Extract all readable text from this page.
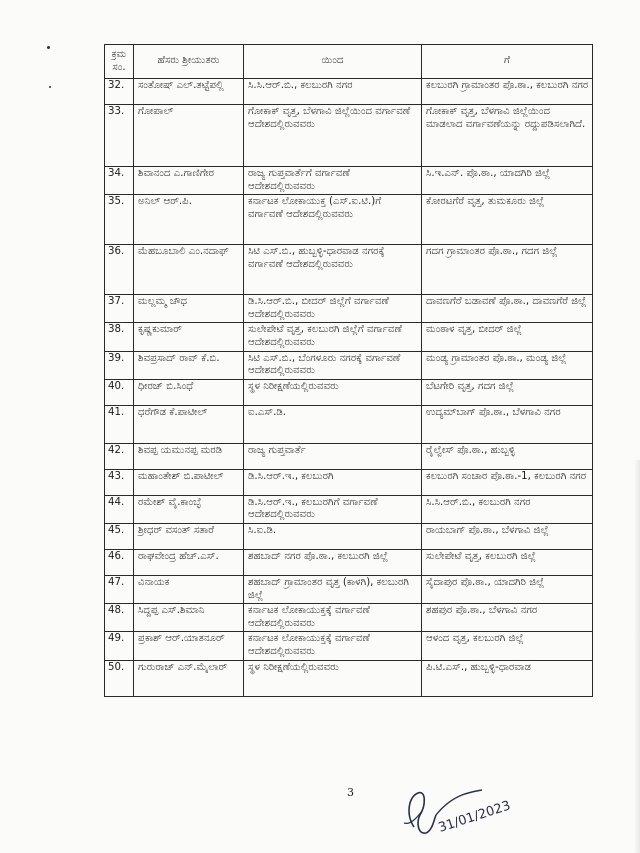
ಕ್ರಮ ಸಂ.	ಹೆಸರು ಶ್ರೀಯುತರು	ಯಿಂದ	ಗೆ
32.	ಸಂತೋಷ್ ಎಲ್.ತಟ್ಟೆಪಲ್ಲಿ	ಸಿ.ಸಿ.ಆರ್.ಬಿ., ಕಲಬುರಗಿ ನಗರ	ಕಲಬುರಗಿ ಗ್ರಾಮಾಂತರ ಪೊ.ಠಾ., ಕಲಬುರಗಿ ನಗರ
33.	ಗೋಪಾಲ್	ಗೋಕಾಕ್ ವೃತ್ತ, ಬೆಳಗಾವಿ ಜಿಲ್ಲೆಯಿಂದ ವರ್ಗಾವಣೆ ಆದೇಶದಲ್ಲಿರುವವರು	ಗೋಕಾಕ್ ವೃತ್ತ, ಬೆಳಗಾವಿ ಜಿಲ್ಲೆಯಿಂದ ಮಾಡಲಾದ ವರ್ಗಾವಣೆಯನ್ನು ರದ್ದುಪಡಿಸಲಾಗಿದೆ.
34.	ಶಿವಾನಂದ ಎ.ಗಾಣಿಗೇರ	ರಾಜ್ಯ ಗುಪ್ತವಾರ್ತೆಗೆ ವರ್ಗಾವಣೆ ಆದೇಶದಲ್ಲಿರುವವರು	ಸಿ.ಇ.ಎನ್. ಪೊ.ಠಾ., ಯಾದಗಿರಿ ಜಿಲ್ಲೆ
35.	ಅನಿಲ್ ಆರ್.ಪಿ.	ಕರ್ನಾಟಕ ಲೋಕಾಯುಕ್ತ (ಎಸ್.ಐ.ಟಿ.)ಗೆ ವರ್ಗಾವಣೆ ಆದೇಶದಲ್ಲಿರುವವರು	ಕೋರಟಗೆರೆ ವೃತ್ತ, ತುಮಕೂರು ಜಿಲ್ಲೆ
36.	ಮೆಹಬೂಬಾಲಿ ಎಂ.ನದಾಫ್	ಸಿಟಿ ಎಸ್.ಬಿ., ಹುಬ್ಬಳ್ಳಿ-ಧಾರವಾಡ ನಗರಕ್ಕೆ ವರ್ಗಾವಣೆ ಆದೇಶದಲ್ಲಿರುವವರು	ಗದಗ ಗ್ರಾಮಾಂತರ ಪೊ.ಠಾ., ಗದಗ ಜಿಲ್ಲೆ
37.	ಮಲ್ಲಮ್ಮ ಚೌಧ	ಡಿ.ಸಿ.ಆರ್.ಬಿ., ಬೀದರ್ ಜಿಲ್ಲೆಗೆ ವರ್ಗಾವಣೆ ಆದೇಶದಲ್ಲಿರುವವರು	ದಾವಣಗೆರೆ ಬಡಾವಣೆ ಪೊ.ಠಾ., ದಾವಣಗೆರೆ ಜಿಲ್ಲೆ
38.	ಕೃಷ್ಣಕುಮಾರ್	ಸುಲೇಪೇಟೆ ವೃತ್ತ, ಕಲಬುರಗಿ ಜಿಲ್ಲೆಗೆ ವರ್ಗಾವಣೆ ಆದೇಶದಲ್ಲಿರುವವರು	ಮಂಠಾಳ ವೃತ್ತ, ಬೀದರ್ ಜಿಲ್ಲೆ
39.	ಶಿವಪ್ರಸಾದ್ ರಾವ್ ಕೆ.ಬಿ.	ಸಿಟಿ ಎಸ್.ಬಿ., ಬೆಂಗಳೂರು ನಗರಕ್ಕೆ ವರ್ಗಾವಣೆ ಆದೇಶದಲ್ಲಿರುವವರು	ಮಂಡ್ಯ ಗ್ರಾಮಾಂತರ ಪೊ.ಠಾ., ಮಂಡ್ಯ ಜಿಲ್ಲೆ
40.	ಧೀರಜ್ ಬಿ.ಸಿಂಧೆ	ಸ್ಥಳ ನಿರೀಕ್ಷಣೆಯಲ್ಲಿರುವವರು	ಬೆಟಗೇರಿ ವೃತ್ತ, ಗದಗ ಜಿಲ್ಲೆ
41.	ಧರೆಗೌಡ ಕೆ.ಪಾಟೀಲ್	ಐ.ಎಸ್.ಡಿ.	ಉದ್ಯಮ್‌ಬಾಗ್ ಪೊ.ಠಾ., ಬೆಳಗಾವಿ ನಗರ
42.	ಶಿವಪ್ಪ ಯಮುನಪ್ಪ ಮರಡಿ	ರಾಜ್ಯ ಗುಪ್ತವಾರ್ತೆ	ರೈಲ್ವೇಸ್ ಪೊ.ಠಾ., ಹುಬ್ಬಳ್ಳಿ
43.	ಮಹಾಂತೇಶ್ ಬಿ.ಪಾಟೀಲ್	ಡಿ.ಸಿ.ಆರ್.ಇ., ಕಲಬುರಗಿ	ಕಲಬುರಗಿ ಸಂಚಾರ ಪೊ.ಠಾ.-1, ಕಲಬುರಗಿ ನಗರ
44.	ರಮೇಶ್ ವೈ.ಕಾಂಬ್ಳೆ	ಡಿ.ಸಿ.ಆರ್.ಇ., ಕಲಬುರಗಿಗೆ ವರ್ಗಾವಣೆ ಆದೇಶದಲ್ಲಿರುವವರು	ಸಿ.ಸಿ.ಆರ್.ಬಿ., ಕಲಬುರಗಿ ನಗರ
45.	ಶ್ರೀಧರ್ ವಸಂತ್ ಸತಾರೆ	ಸಿ.ಐ.ಡಿ.	ರಾಯಬಾಗ್ ಪೊ.ಠಾ., ಬೆಳಗಾವಿ ಜಿಲ್ಲೆ
46.	ರಾಘವೇಂದ್ರ ಹೆಚ್.ಎಸ್.	ಶಹಬಾದ್ ನಗರ ಪೊ.ಠಾ., ಕಲಬುರಗಿ ಜಿಲ್ಲೆ	ಸುಲೇಪೇಟೆ ವೃತ್ತ, ಕಲಬುರಗಿ ಜಿಲ್ಲೆ
47.	ವಿನಾಯಕ	ಶಹಬಾದ್ ಗ್ರಾಮಾಂತರ ವೃತ್ತ (ಕಾಳಗಿ), ಕಲಬುರಗಿ ಜಿಲ್ಲೆ	ಸೈದಾಪುರ ಪೊ.ಠಾ., ಯಾದಗಿರಿ ಜಿಲ್ಲೆ
48.	ಸಿದ್ದಪ್ಪ ಎಸ್.ಶಿಮಾನಿ	ಕರ್ನಾಟಕ ಲೋಕಾಯುಕ್ತಕ್ಕೆ ವರ್ಗಾವಣೆ ಆದೇಶದಲ್ಲಿರುವವರು	ಶಹಪುರ ಪೊ.ಠಾ., ಬೆಳಗಾವಿ ನಗರ
49.	ಪ್ರಕಾಶ್ ಆರ್.ಯಾತನೂರ್	ಕರ್ನಾಟಕ ಲೋಕಾಯುಕ್ತಕ್ಕೆ ವರ್ಗಾವಣೆ ಆದೇಶದಲ್ಲಿರುವವರು	ಆಳಂದ ವೃತ್ತ, ಕಲಬುರಗಿ ಜಿಲ್ಲೆ
50.	ಗುರುರಾಜ್ ಎನ್.ಮೈಲಾರ್	ಸ್ಥಳ ನಿರೀಕ್ಷಣೆಯಲ್ಲಿರುವವರು	ಪಿ.ಟಿ.ಎಸ್., ಹುಬ್ಬಳ್ಳಿ-ಧಾರವಾಡ
3
31/01/2023
